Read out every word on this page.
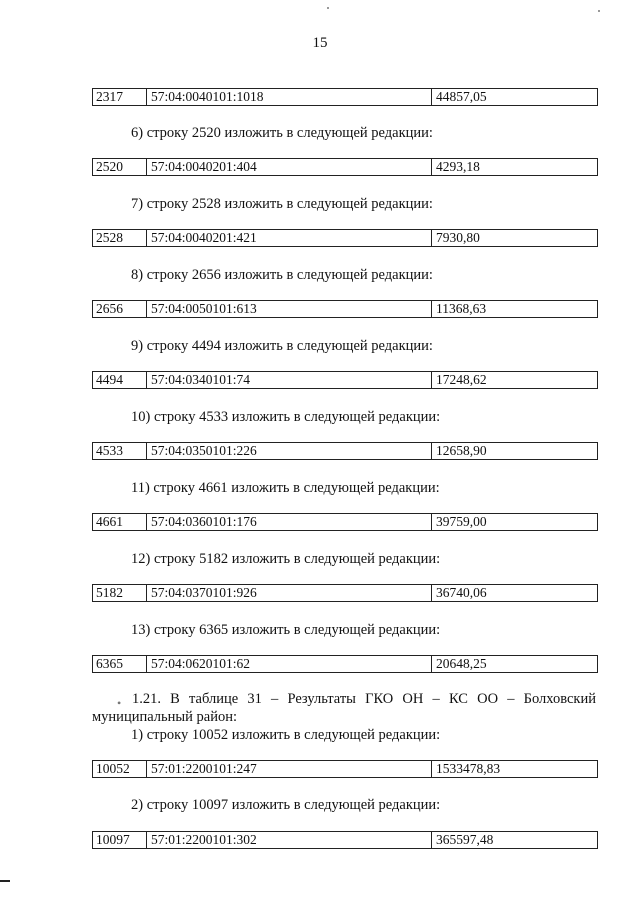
15
2317	57:04:0040101:1018	44857,05
6) строку 2520 изложить в следующей редакции:
2520	57:04:0040201:404	4293,18
7) строку 2528 изложить в следующей редакции:
2528	57:04:0040201:421	7930,80
8) строку 2656 изложить в следующей редакции:
2656	57:04:0050101:613	11368,63
9) строку 4494 изложить в следующей редакции:
4494	57:04:0340101:74	17248,62
10) строку 4533 изложить в следующей редакции:
4533	57:04:0350101:226	12658,90
11) строку 4661 изложить в следующей редакции:
4661	57:04:0360101:176	39759,00
12) строку 5182 изложить в следующей редакции:
5182	57:04:0370101:926	36740,06
13) строку 6365 изложить в следующей редакции:
6365	57:04:0620101:62	20648,25
• 1.21. В таблице 31 – Результаты ГКО ОН – КС ОО – Болховский
муниципальный район:
1) строку 10052 изложить в следующей редакции:
10052	57:01:2200101:247	1533478,83
2) строку 10097 изложить в следующей редакции:
10097	57:01:2200101:302	365597,48
